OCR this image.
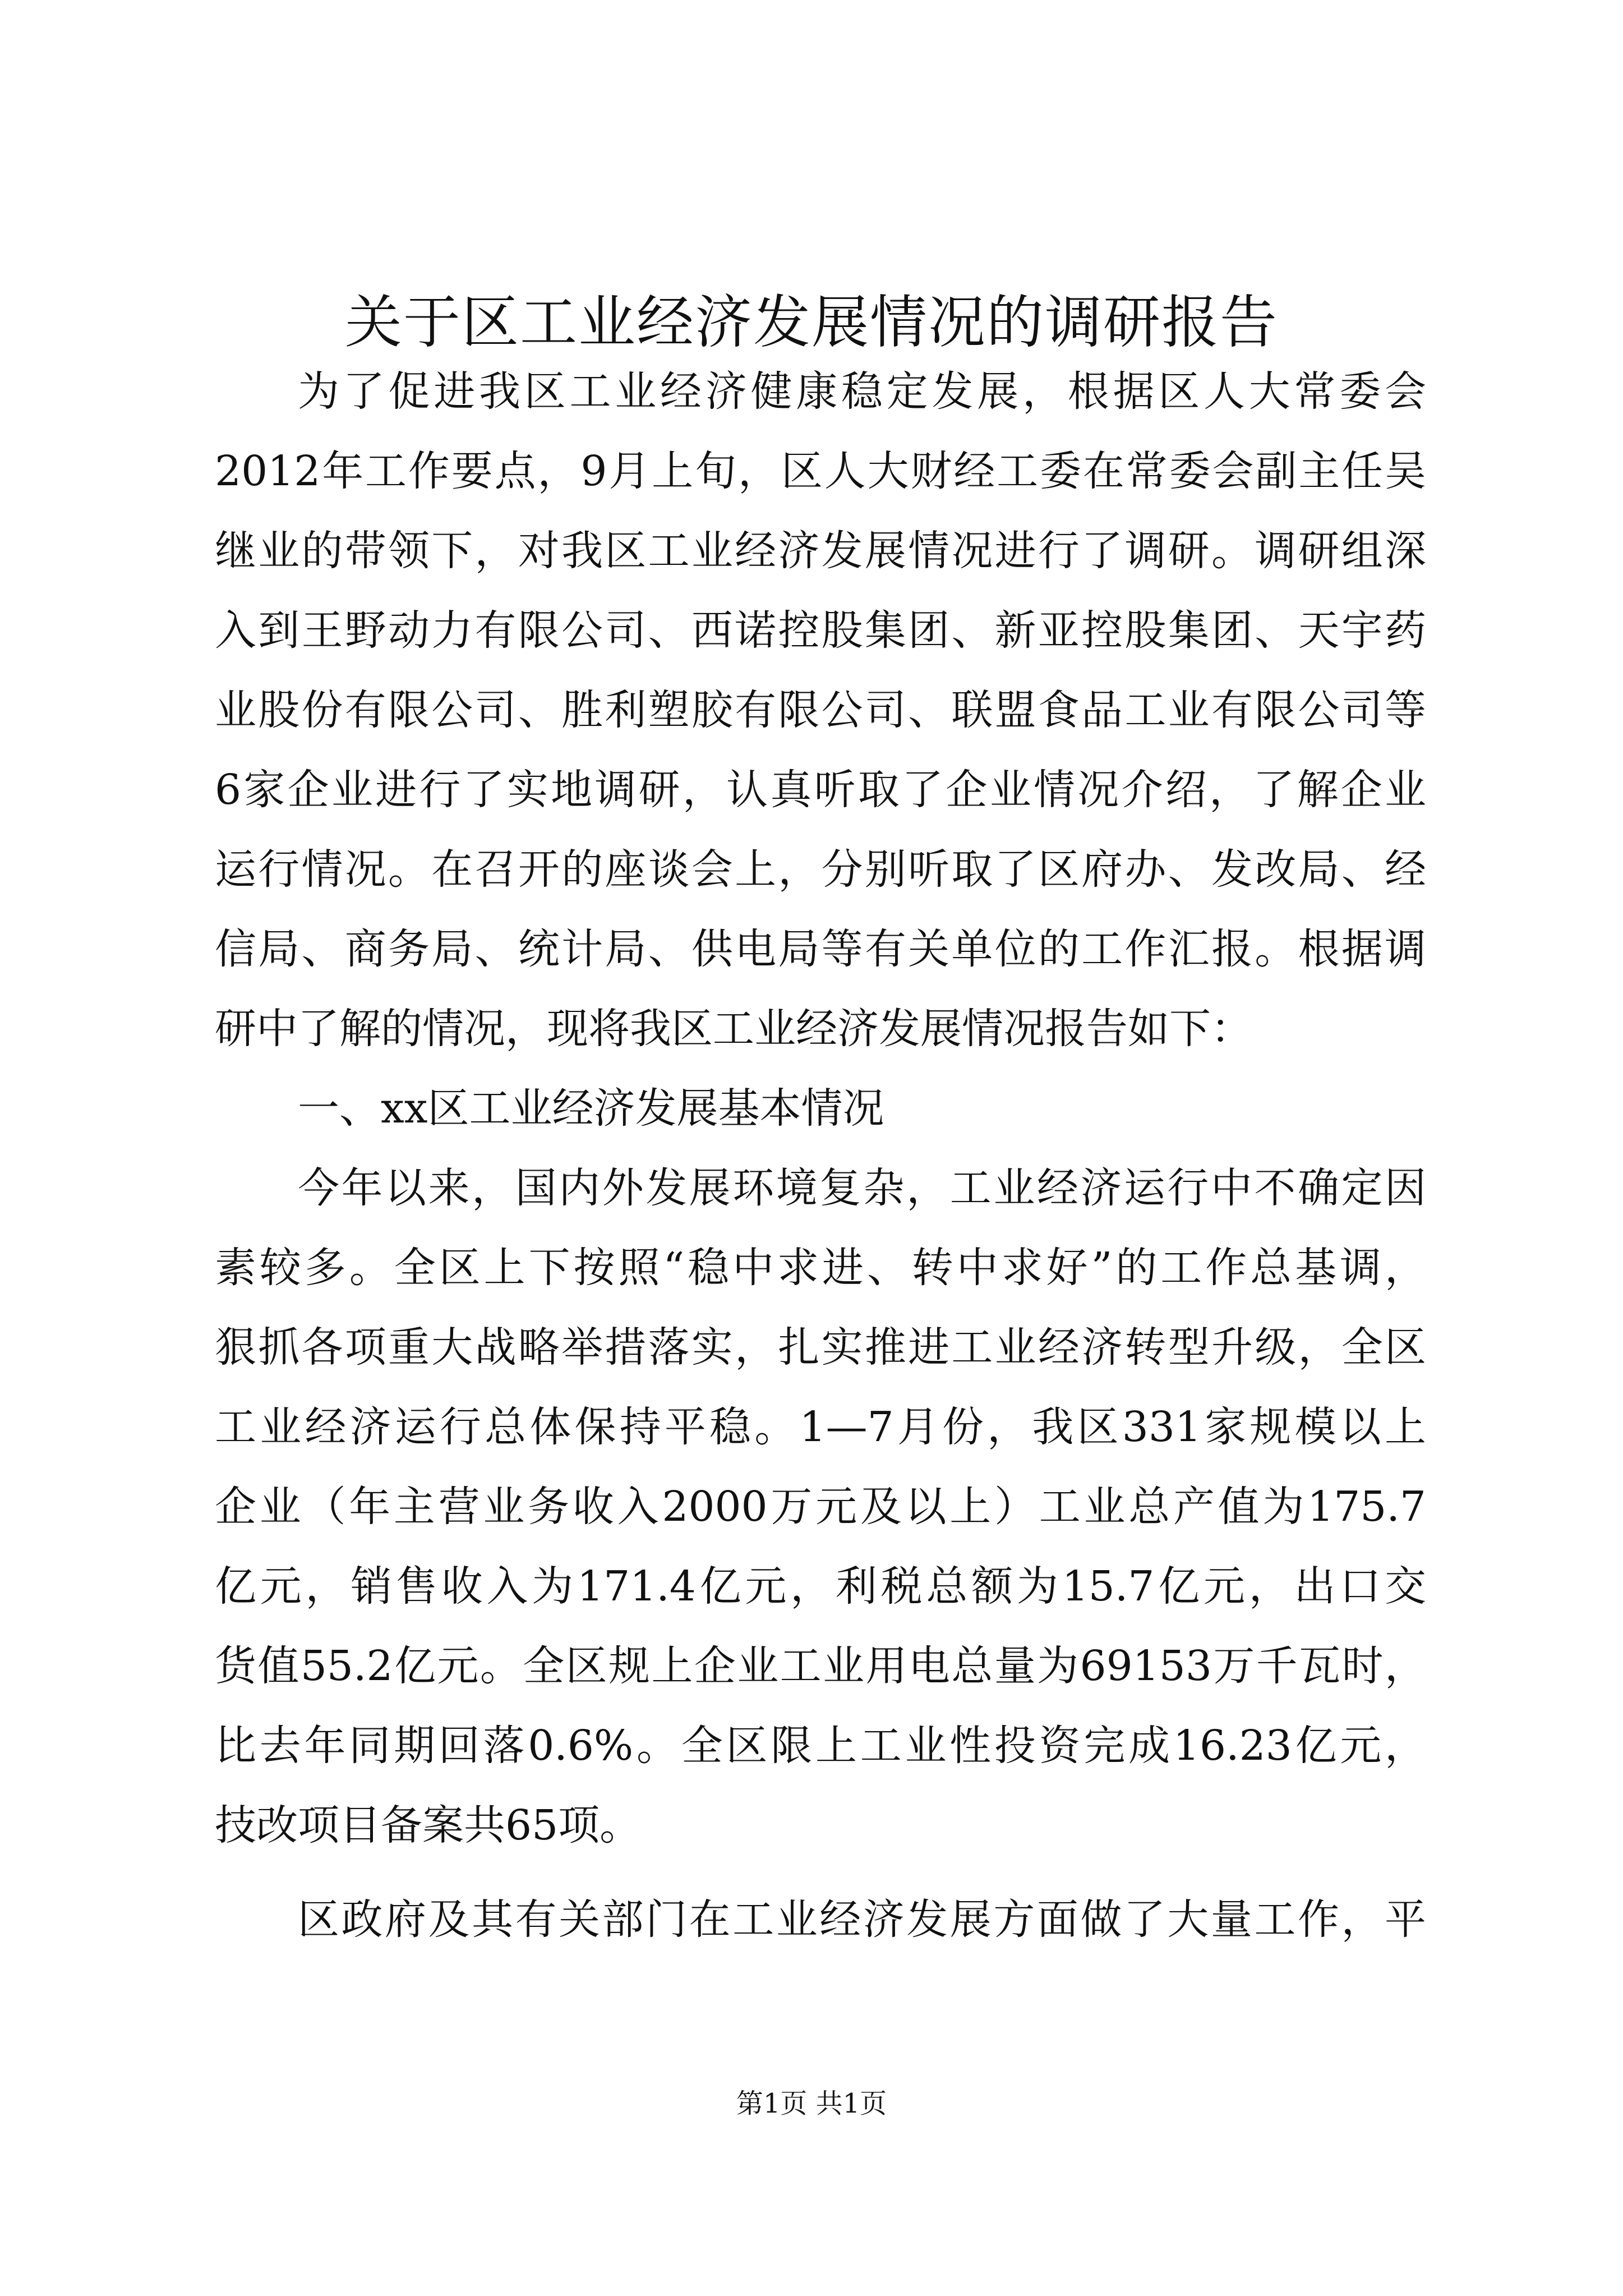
关于区工业经济发展情况的调研报告
为了促进我区工业经济健康稳定发展，根据区人大常委会
2012年工作要点，9月上旬，区人大财经工委在常委会副主任吴
继业的带领下，对我区工业经济发展情况进行了调研。调研组深
入到王野动力有限公司、西诺控股集团、新亚控股集团、天宇药
业股份有限公司、胜利塑胶有限公司、联盟食品工业有限公司等
6家企业进行了实地调研，认真听取了企业情况介绍，了解企业
运行情况。在召开的座谈会上，分别听取了区府办、发改局、经
信局、商务局、统计局、供电局等有关单位的工作汇报。根据调
研中了解的情况，现将我区工业经济发展情况报告如下：
一、xx区工业经济发展基本情况
今年以来，国内外发展环境复杂，工业经济运行中不确定因
素较多。全区上下按照“稳中求进、转中求好”的工作总基调，
狠抓各项重大战略举措落实，扎实推进工业经济转型升级，全区
工业经济运行总体保持平稳。1—7月份，我区331家规模以上
企业（年主营业务收入2000万元及以上）工业总产值为175.7
亿元，销售收入为171.4亿元，利税总额为15.7亿元，出口交
货值55.2亿元。全区规上企业工业用电总量为69153万千瓦时，
比去年同期回落0.6%。全区限上工业性投资完成16.23亿元，
技改项目备案共65项。
区政府及其有关部门在工业经济发展方面做了大量工作，平
第1页 共1页
